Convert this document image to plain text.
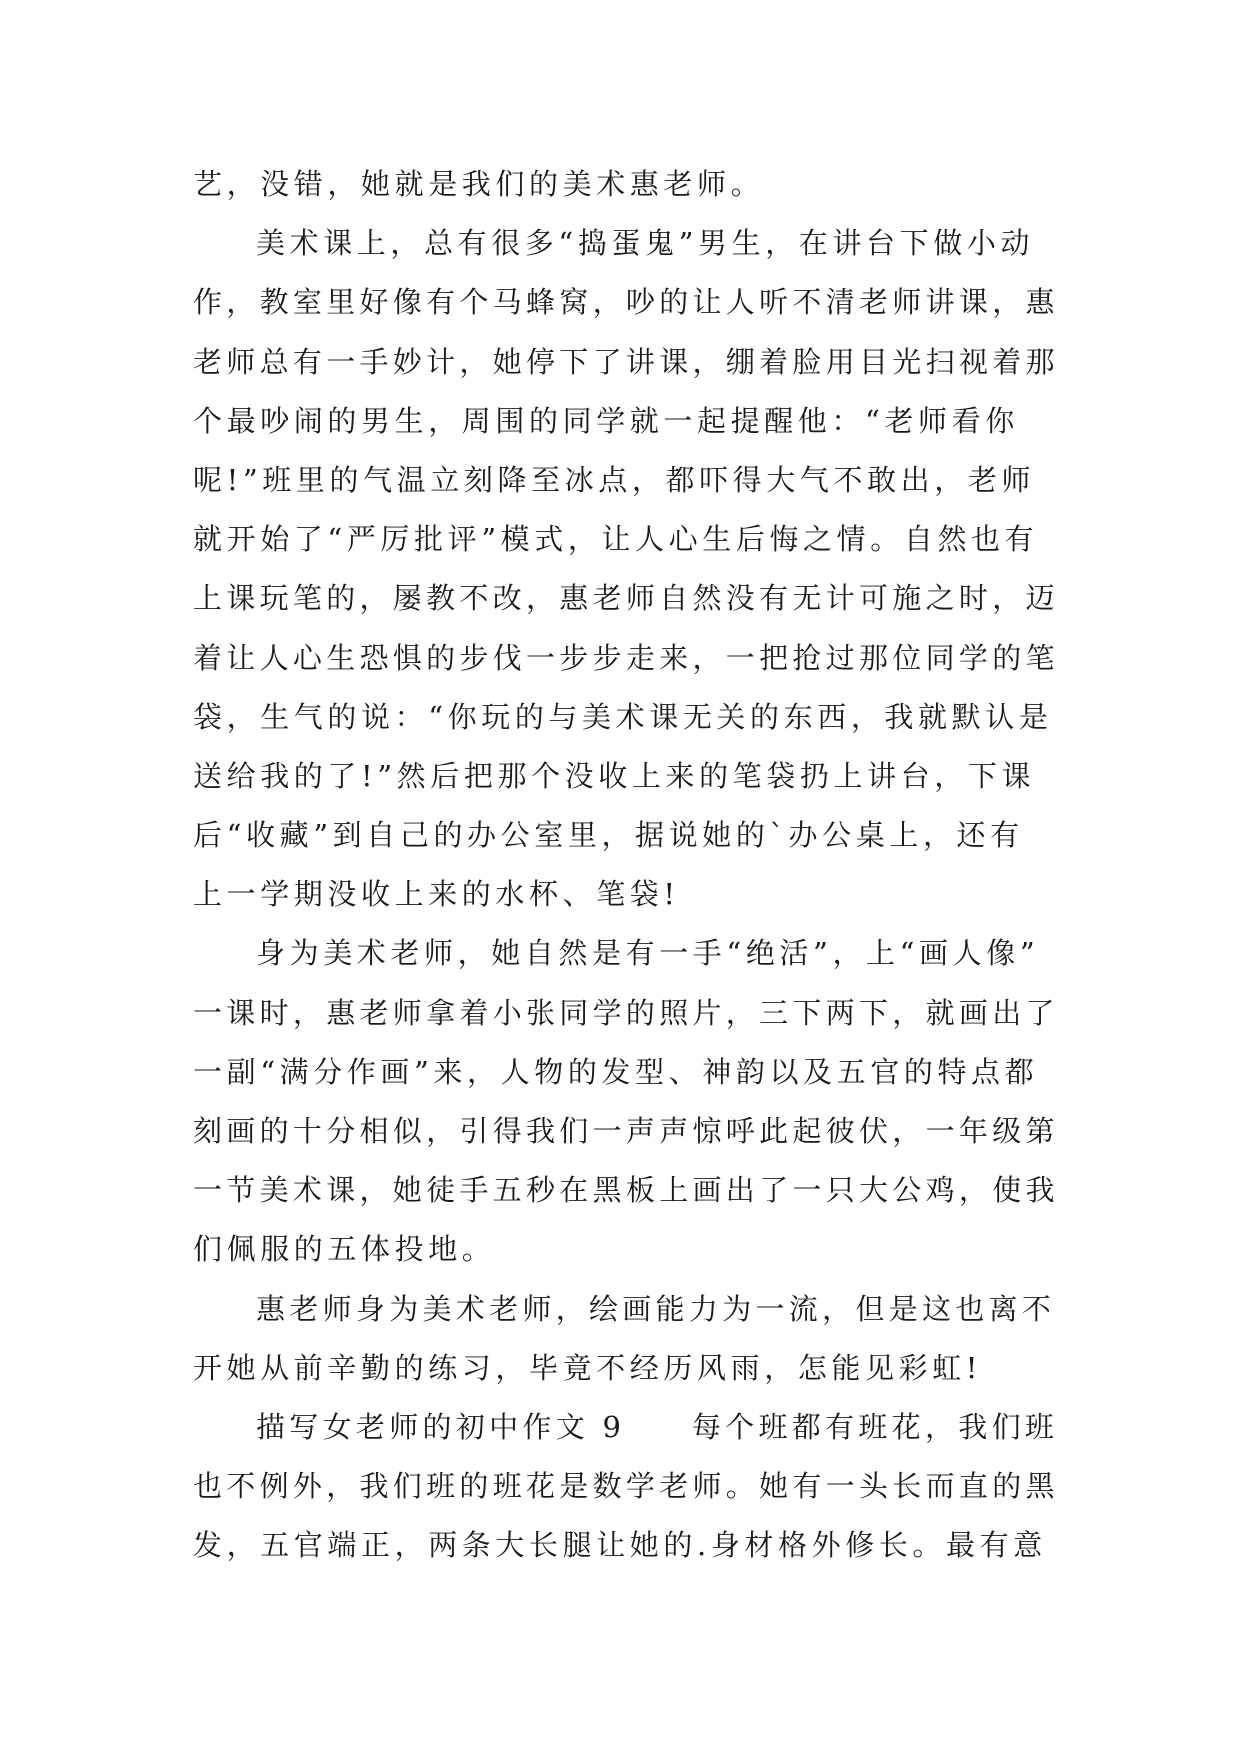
艺，没错，她就是我们的美术惠老师。
美术课上，总有很多“捣蛋鬼”男生，在讲台下做小动
作，教室里好像有个马蜂窝，吵的让人听不清老师讲课，惠
老师总有一手妙计，她停下了讲课，绷着脸用目光扫视着那
个最吵闹的男生，周围的同学就一起提醒他：“老师看你
呢!”班里的气温立刻降至冰点，都吓得大气不敢出，老师
就开始了“严厉批评”模式，让人心生后悔之情。自然也有
上课玩笔的，屡教不改，惠老师自然没有无计可施之时，迈
着让人心生恐惧的步伐一步步走来，一把抢过那位同学的笔
袋，生气的说：“你玩的与美术课无关的东西，我就默认是
送给我的了!”然后把那个没收上来的笔袋扔上讲台，下课
后“收藏”到自己的办公室里，据说她的`办公桌上，还有
上一学期没收上来的水杯、笔袋!
身为美术老师，她自然是有一手“绝活”，上“画人像”
一课时，惠老师拿着小张同学的照片，三下两下，就画出了
一副“满分作画”来，人物的发型、神韵以及五官的特点都
刻画的十分相似，引得我们一声声惊呼此起彼伏，一年级第
一节美术课，她徒手五秒在黑板上画出了一只大公鸡，使我
们佩服的五体投地。
惠老师身为美术老师，绘画能力为一流，但是这也离不
开她从前辛勤的练习，毕竟不经历风雨，怎能见彩虹!
描写女老师的初中作文 9　　每个班都有班花，我们班
也不例外，我们班的班花是数学老师。她有一头长而直的黑
发，五官端正，两条大长腿让她的.身材格外修长。最有意
